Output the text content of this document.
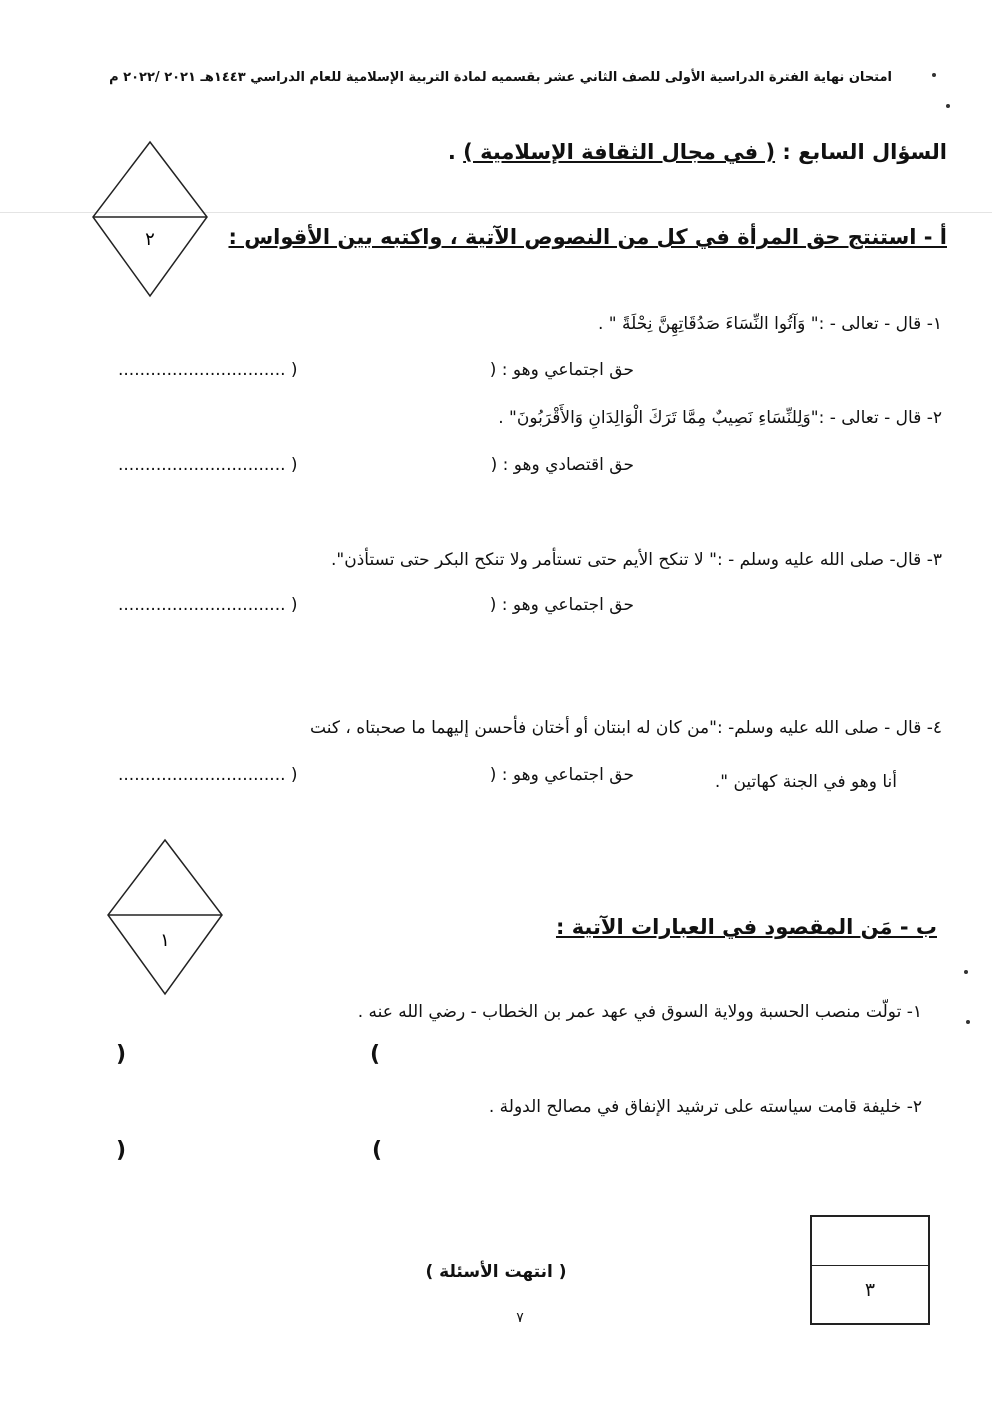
امتحان نهاية الفترة الدراسية الأولى للصف الثاني عشر بقسميه لمادة التربية الإسلامية للعام الدراسي ١٤٤٣هـ ٢٠٢١ /٢٠٢٢ م
السؤال السابع : ( في مجال الثقافة الإسلامية ) .
٢	أ - استنتج حق المرأة في كل من النصوص الآتية ، واكتبه بين الأقواس :
١- قال - تعالى - :" وَآتُوا النِّسَاءَ صَدُقَاتِهِنَّ نِحْلَةً " .
حق اجتماعي وهو : (
............................... )
٢- قال - تعالى - :"وَلِلنِّسَاءِ نَصِيبٌ مِمَّا تَرَكَ الْوَالِدَانِ وَالأَقْرَبُونَ" .
حق اقتصادي وهو : (
............................... )
٣- قال- صلى الله عليه وسلم - :" لا تنكح الأيم حتى تستأمر ولا تنكح البكر حتى تستأذن".
حق اجتماعي وهو : (
............................... )
٤- قال - صلى الله عليه وسلم- :"من كان له ابنتان أو أختان فأحسن إليهما ما صحبتاه ، كنت
أنا وهو في الجنة كهاتين ".
حق اجتماعي وهو : (
............................... )
١
ب - مَن المقصود في العبارات الآتية :
١- تولّت منصب الحسبة وولاية السوق في عهد عمر بن الخطاب - رضي الله عنه .
(
)
٢- خليفة قامت سياسته على ترشيد الإنفاق في مصالح الدولة .
(
)
( انتهت الأسئلة )
٧
٣
